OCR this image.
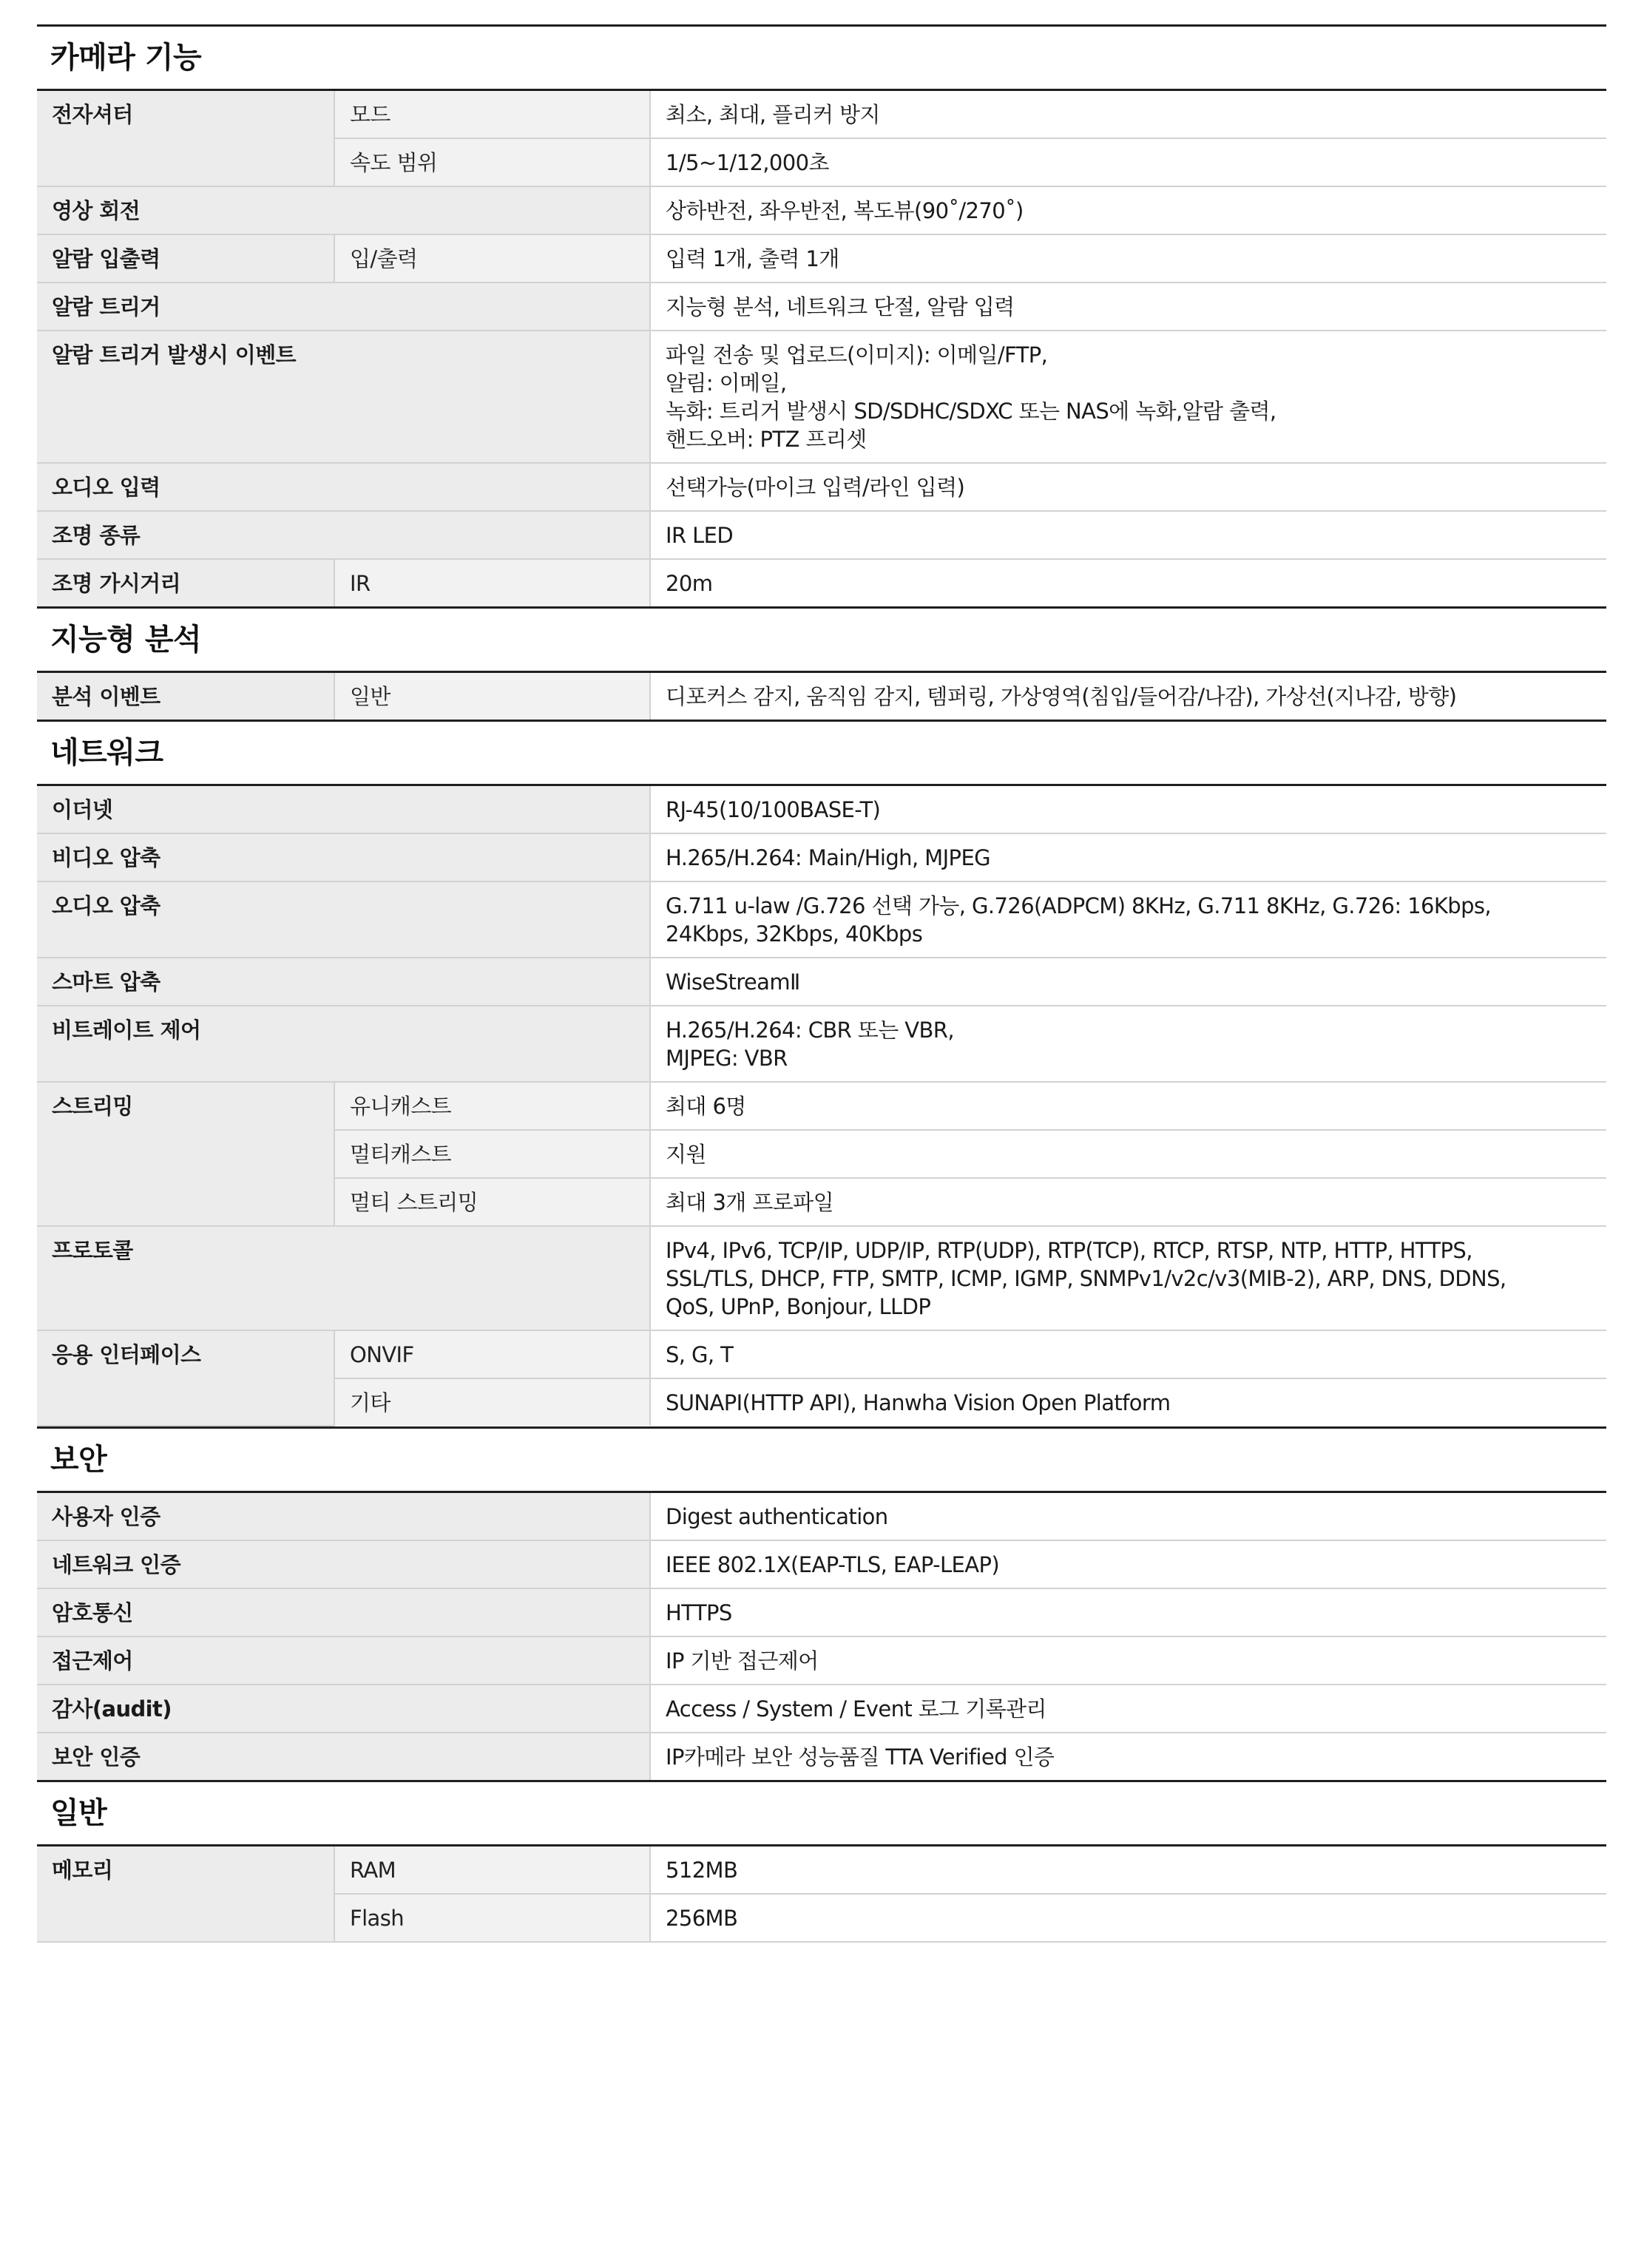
카메라 기능
전자셔터	모드	최소, 최대, 플리커 방지

	속도 범위	1/5~1/12,000초

영상 회전		상하반전, 좌우반전, 복도뷰(90˚/270˚)

알람 입출력	입/출력	입력 1개, 출력 1개

알람 트리거		지능형 분석, 네트워크 단절, 알람 입력

알람 트리거 발생시 이벤트		파일 전송 및 업로드(이미지): 이메일/FTP,
알림: 이메일,
녹화: 트리거 발생시 SD/SDHC/SDXC 또는 NAS에 녹화,알람 출력,
핸드오버: PTZ 프리셋

오디오 입력		선택가능(마이크 입력/라인 입력)

조명 종류		IR LED

조명 가시거리	IR	20m
지능형 분석
분석 이벤트	일반	디포커스 감지, 움직임 감지, 템퍼링, 가상영역(침입/들어감/나감), 가상선(지나감, 방향)
네트워크
이더넷		RJ-45(10/100BASE-T)

비디오 압축		H.265/H.264: Main/High, MJPEG

오디오 압축		G.711 u-law /G.726 선택 가능, G.726(ADPCM) 8KHz, G.711 8KHz, G.726: 16Kbps,
24Kbps, 32Kbps, 40Kbps

스마트 압축		WiseStreamⅡ

비트레이트 제어		H.265/H.264: CBR 또는 VBR,
MJPEG: VBR

스트리밍	유니캐스트	최대 6명

	멀티캐스트	지원

	멀티 스트리밍	최대 3개 프로파일

프로토콜		IPv4, IPv6, TCP/IP, UDP/IP, RTP(UDP), RTP(TCP), RTCP, RTSP, NTP, HTTP, HTTPS,
SSL/TLS, DHCP, FTP, SMTP, ICMP, IGMP, SNMPv1/v2c/v3(MIB-2), ARP, DNS, DDNS,
QoS, UPnP, Bonjour, LLDP

응용 인터페이스	ONVIF	S, G, T

	기타	SUNAPI(HTTP API), Hanwha Vision Open Platform
보안
사용자 인증	Digest authentication

네트워크 인증	IEEE 802.1X(EAP-TLS, EAP-LEAP)

암호통신	HTTPS

접근제어	IP 기반 접근제어

감사(audit)	Access / System / Event 로그 기록관리

보안 인증	IP카메라 보안 성능품질 TTA Verified 인증
일반
메모리	RAM	512MB

	Flash	256MB
